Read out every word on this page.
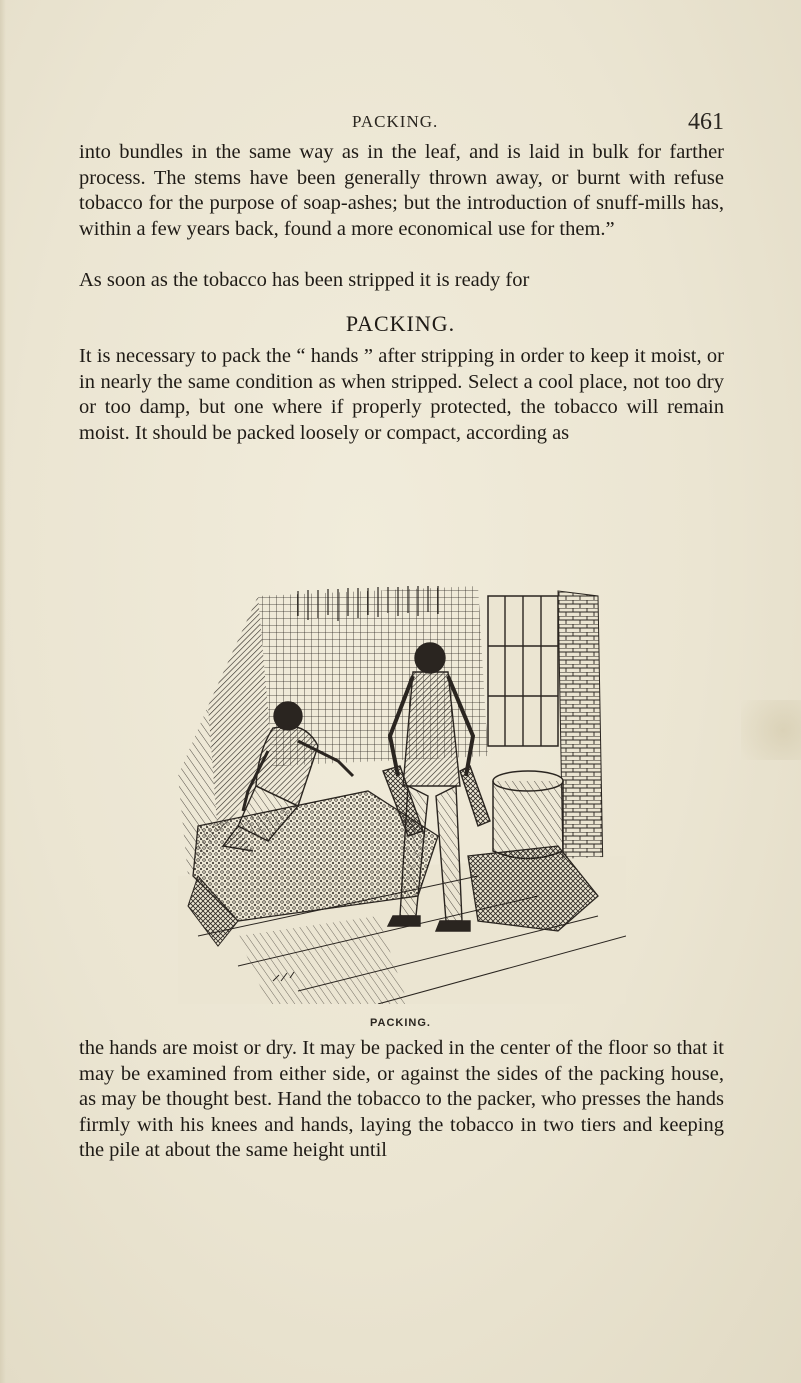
PACKING.	461

into bundles in the same way as in the leaf, and is laid in bulk for farther process. The stems have been generally thrown away, or burnt with refuse tobacco for the purpose of soap-ashes; but the introduction of snuff-mills has, within a few years back, found a more economical use for them.”

As soon as the tobacco has been stripped it is ready for

PACKING.

It is necessary to pack the “ hands ” after stripping in order to keep it moist, or in nearly the same condition as when stripped. Select a cool place, not too dry or too damp, but one where if properly protected, the tobacco will remain moist. It should be packed loosely or compact, according as

PACKING.

the hands are moist or dry. It may be packed in the center of the floor so that it may be examined from either side, or against the sides of the packing house, as may be thought best. Hand the tobacco to the packer, who presses the hands firmly with his knees and hands, laying the tobacco in two tiers and keeping the pile at about the same height until
